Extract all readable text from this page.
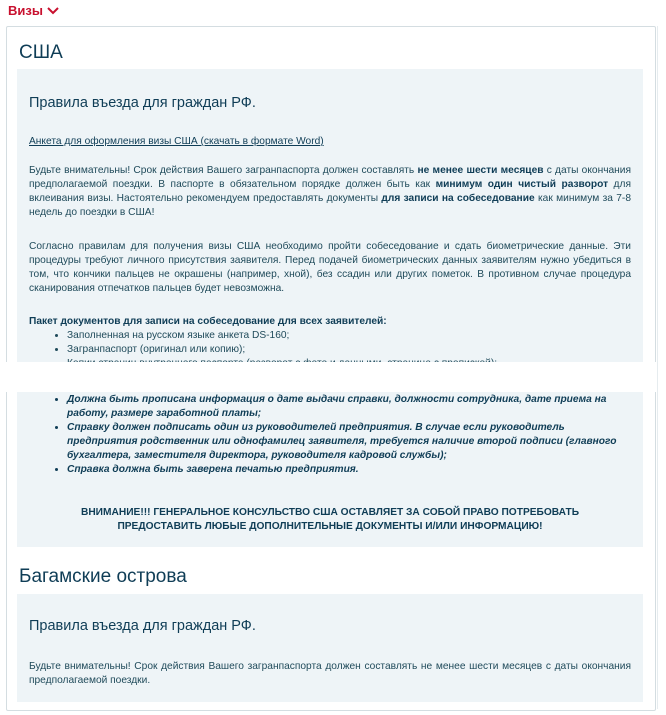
Визы
США
Правила въезда для граждан РФ.
Анкета для оформления визы США (скачать в формате Word)

Будьте внимательны! Срок действия Вашего загранпаспорта должен составлять не менее шести месяцев с даты окончания предполагаемой поездки. В паспорте в обязательном порядке должен быть как минимум один чистый разворот для вклеивания визы. Настоятельно рекомендуем предоставлять документы для записи на собеседование как минимум за 7-8 недель до поездки в США!

Согласно правилам для получения визы США необходимо пройти собеседование и сдать биометрические данные. Эти процедуры требуют личного присутствия заявителя. Перед подачей биометрических данных заявителям нужно убедиться в том, что кончики пальцев не окрашены (например, хной), без ссадин или других пометок. В противном случае процедура сканирования отпечатков пальцев будет невозможна.

Пакет документов для записи на собеседование для всех заявителей:
• Заполненная на русском языке анкета DS-160;
• Загранпаспорт (оригинал или копию);
•
• Должна быть прописана информация о дате выдачи справки, должности сотрудника, дате приема на работу, размере заработной платы;
• Справку должен подписать один из руководителей предприятия. В случае если руководитель предприятия родственник или однофамилец заявителя, требуется наличие второй подписи (главного бухгалтера, заместителя директора, руководителя кадровой службы);
• Справка должна быть заверена печатью предприятия.
ВНИМАНИЕ!!! ГЕНЕРАЛЬНОЕ КОНСУЛЬСТВО США ОСТАВЛЯЕТ ЗА СОБОЙ ПРАВО ПОТРЕБОВАТЬ ПРЕДОСТАВИТЬ ЛЮБЫЕ ДОПОЛНИТЕЛЬНЫЕ ДОКУМЕНТЫ И/ИЛИ ИНФОРМАЦИЮ!
Багамские острова
Правила въезда для граждан РФ.

Будьте внимательны! Срок действия Вашего загранпаспорта должен составлять не менее шести месяцев с даты окончания предполагаемой поездки.
